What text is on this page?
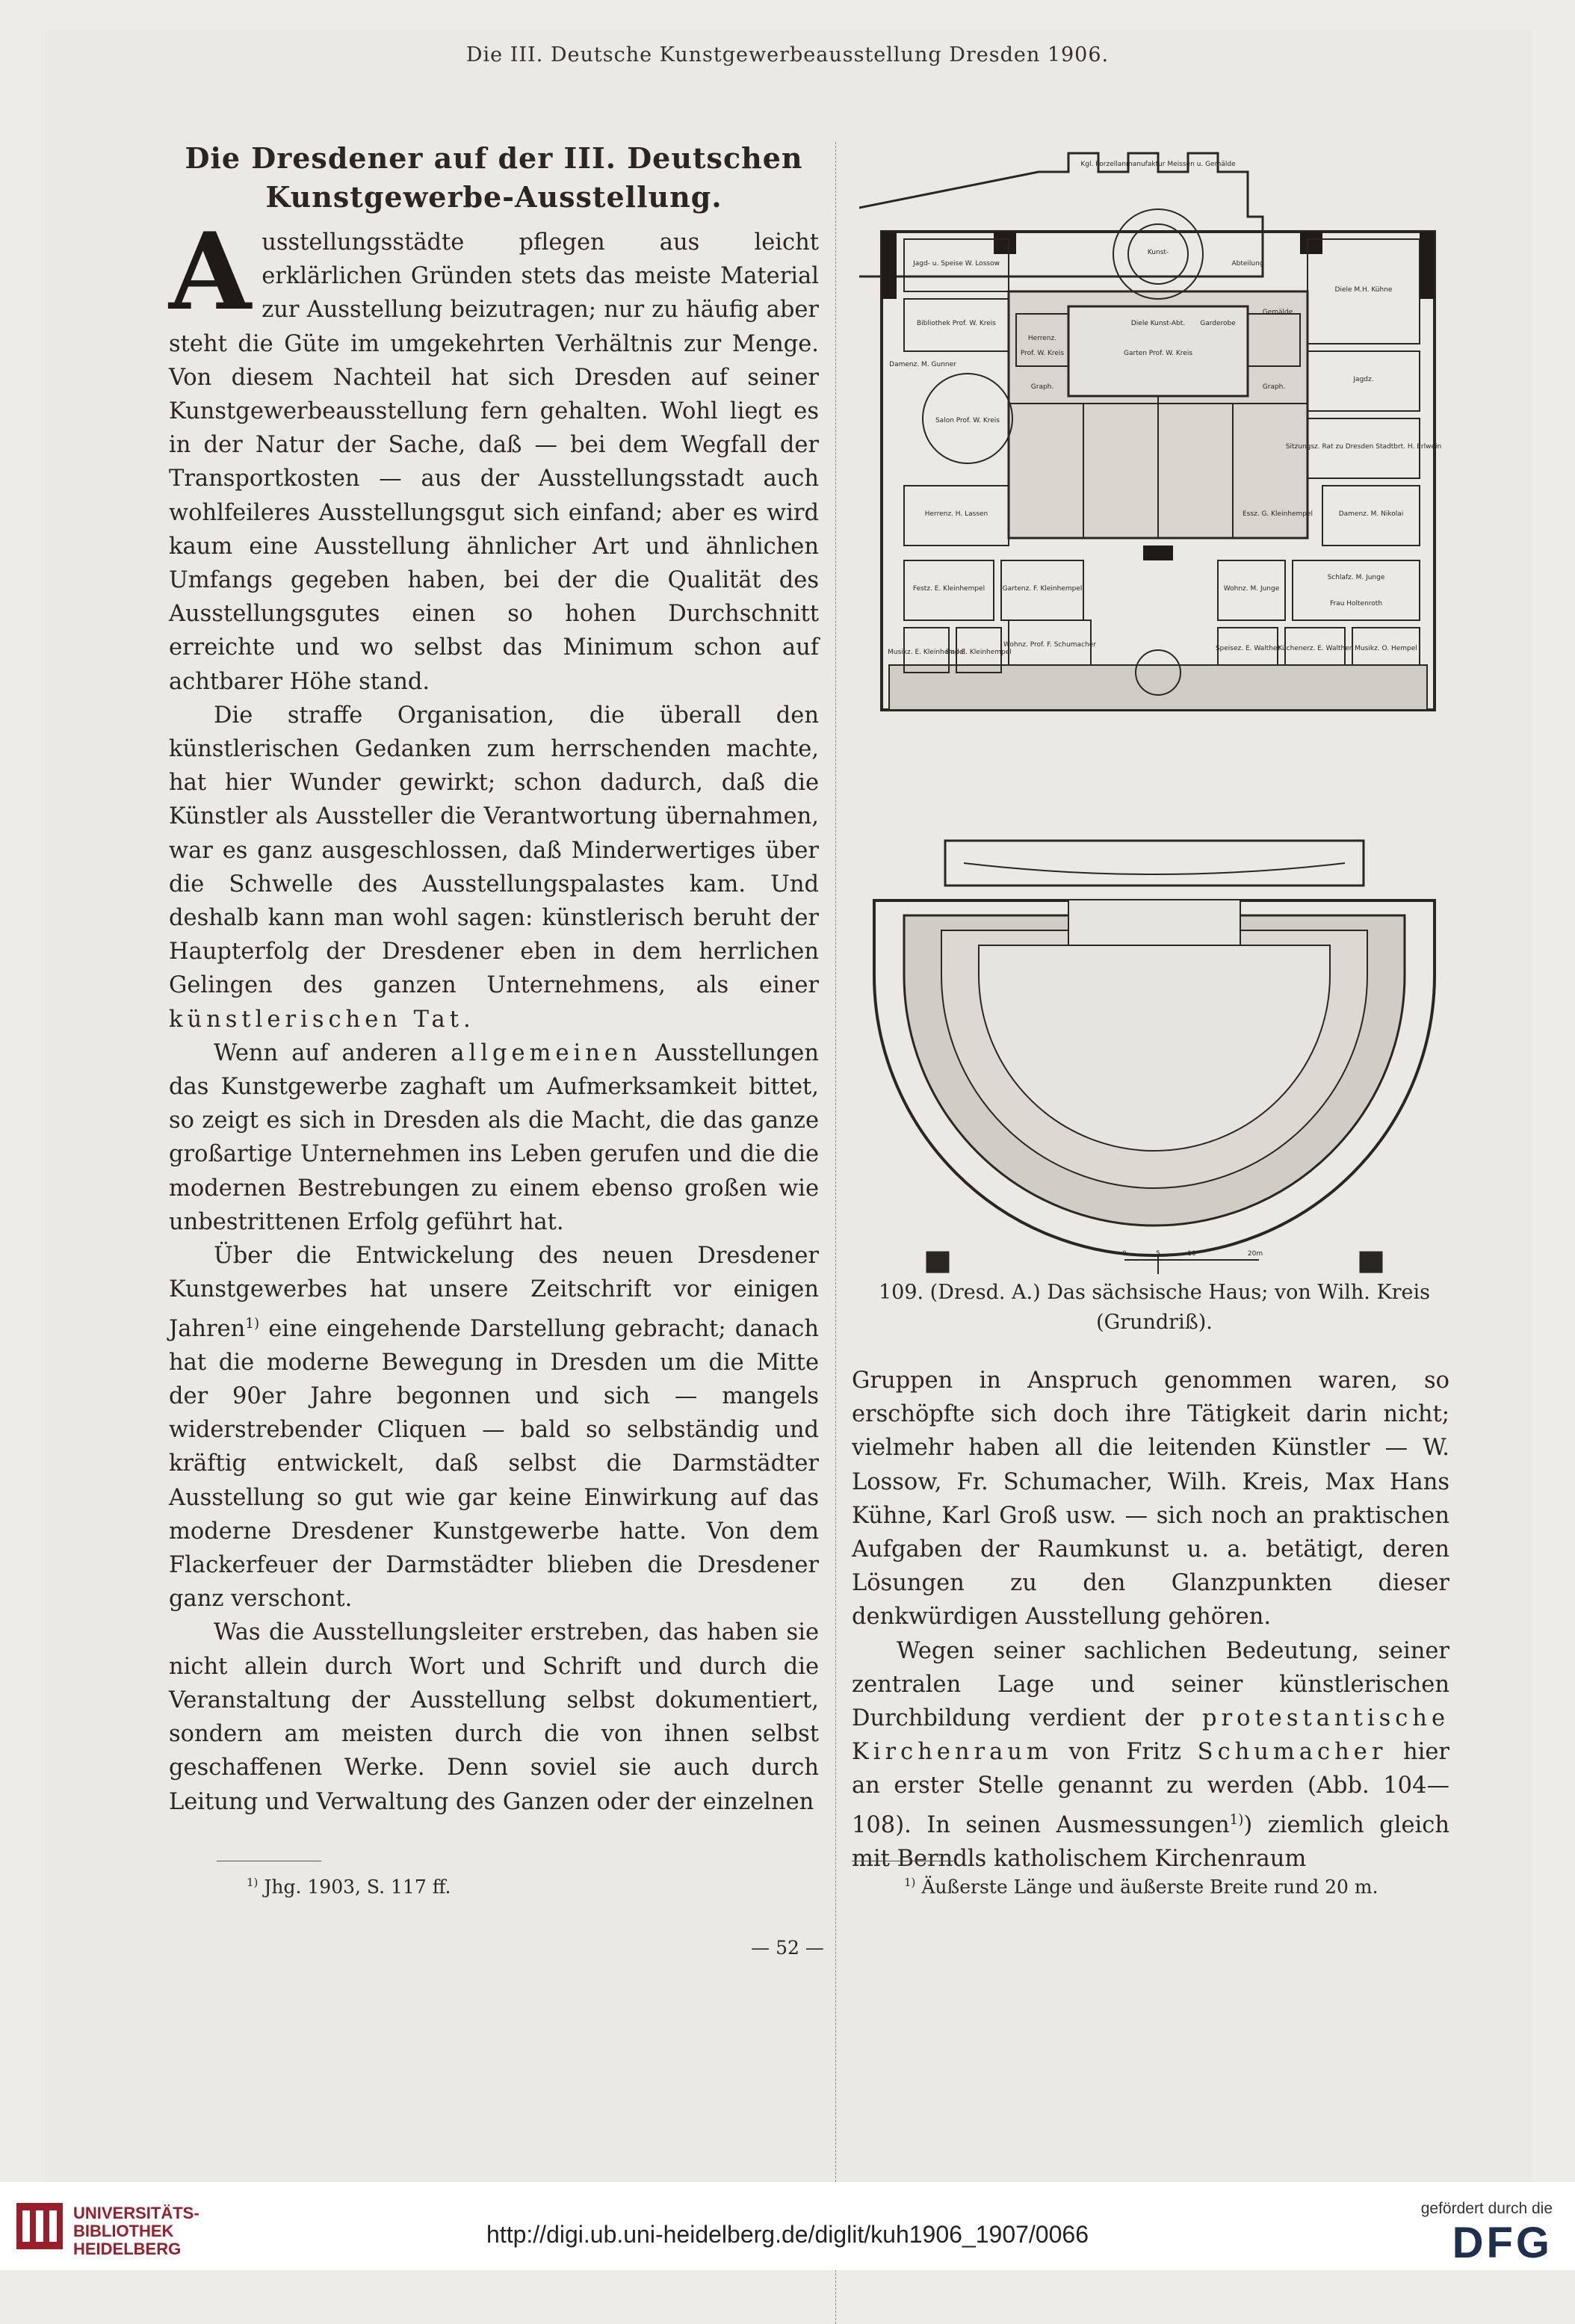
Die III. Deutsche Kunstgewerbeausstellung Dresden 1906.
Die Dresdener auf der III. Deutschen Kunstgewerbe-Ausstellung.

Ausstellungsstädte pflegen aus leicht erklärlichen Gründen stets das meiste Material zur Ausstellung beizutragen; nur zu häufig aber steht die Güte im umgekehrten Verhältnis zur Menge. Von diesem Nachteil hat sich Dresden auf seiner Kunstgewerbeausstellung fern gehalten. Wohl liegt es in der Natur der Sache, daß — bei dem Wegfall der Transportkosten — aus der Ausstellungsstadt auch wohlfeileres Ausstellungsgut sich einfand; aber es wird kaum eine Ausstellung ähnlicher Art und ähnlichen Umfangs gegeben haben, bei der die Qualität des Ausstellungsgutes einen so hohen Durchschnitt erreichte und wo selbst das Minimum schon auf achtbarer Höhe stand.

Die straffe Organisation, die überall den künstlerischen Gedanken zum herrschenden machte, hat hier Wunder gewirkt; schon dadurch, daß die Künstler als Aussteller die Verantwortung übernahmen, war es ganz ausgeschlossen, daß Minderwertiges über die Schwelle des Ausstellungspalastes kam. Und deshalb kann man wohl sagen: künstlerisch beruht der Haupterfolg der Dresdener eben in dem herrlichen Gelingen des ganzen Unternehmens, als einer künstlerischen Tat.

Wenn auf anderen allgemeinen Ausstellungen das Kunstgewerbe zaghaft um Aufmerksamkeit bittet, so zeigt es sich in Dresden als die Macht, die das ganze großartige Unternehmen ins Leben gerufen und die die modernen Bestrebungen zu einem ebenso großen wie unbestrittenen Erfolg geführt hat.

Über die Entwickelung des neuen Dresdener Kunstgewerbes hat unsere Zeitschrift vor einigen Jahren$^{1)}$ eine eingehende Darstellung gebracht; danach hat die moderne Bewegung in Dresden um die Mitte der 90er Jahre begonnen und sich — mangels widerstrebender Cliquen — bald so selbständig und kräftig entwickelt, daß selbst die Darmstädter Ausstellung so gut wie gar keine Einwirkung auf das moderne Dresdener Kunstgewerbe hatte. Von dem Flackerfeuer der Darmstädter blieben die Dresdener ganz verschont.

Was die Ausstellungsleiter erstreben, das haben sie nicht allein durch Wort und Schrift und durch die Veranstaltung der Ausstellung selbst dokumentiert, sondern am meisten durch die von ihnen selbst geschaffenen Werke. Denn soviel sie auch durch Leitung und Verwaltung des Ganzen oder der einzelnen

Kgl. Porzellanmanufaktur Meissen u. Gemälde
Jagd- u. Speise W. Lossow
Kunst-
Abteilung
Bibliothek Prof. W. Kreis	Diele Kunst-Abt. Garderobe
Gemälde
Diele M.H. Kühne
Herrenz.
Damenz. M. Gunner
Prof. W. Kreis
Jagdz.
Salon Prof. W. Kreis
Garten Prof. W. Kreis
Sitzungsz. Rat zu Dresden Stadtbrt. H. Erlwein
Herrenz. H. Lassen	Essz. G. Kleinhempel	Damenz. M. Nikolai
Festz. E. Kleinhempel	Gartenz. F. Kleinhempel	Wohnz. M. Junge
Schlafz. M. Junge
Frau Holtenroth
Musikz. E. Kleinhempel
Bad E. Kleinhempel
Wohnz. Prof. F. Schumacher	Speisez. E. Walther
Küchenerz. E. Walther Musikz. O. Hempel
Graph.	Graph.
0	5	10	20m
109. (Dresd. A.) Das sächsische Haus; von Wilh. Kreis (Grundriß).

Gruppen in Anspruch genommen waren, so erschöpfte sich doch ihre Tätigkeit darin nicht; vielmehr haben all die leitenden Künstler — W. Lossow, Fr. Schumacher, Wilh. Kreis, Max Hans Kühne, Karl Groß usw. — sich noch an praktischen Aufgaben der Raumkunst u. a. betätigt, deren Lösungen zu den Glanzpunkten dieser denkwürdigen Ausstellung gehören.

Wegen seiner sachlichen Bedeutung, seiner zentralen Lage und seiner künstlerischen Durchbildung verdient der protestantische Kirchenraum von Fritz Schumacher hier an erster Stelle genannt zu werden (Abb. 104—108). In seinen Ausmessungen$^{1)}$) ziemlich gleich mit Berndls katholischem Kirchenraum

$^{1)}$ Jhg. 1903, S. 117 ff.	$^{1)}$ Äußerste Länge und äußerste Breite rund 20 m.
— 52 —
UNIVERSITÄTS- BIBLIOTHEK HEIDELBERG
http://digi.ub.uni-heidelberg.de/diglit/kuh1906_1907/0066
gefördert durch die
DFG
